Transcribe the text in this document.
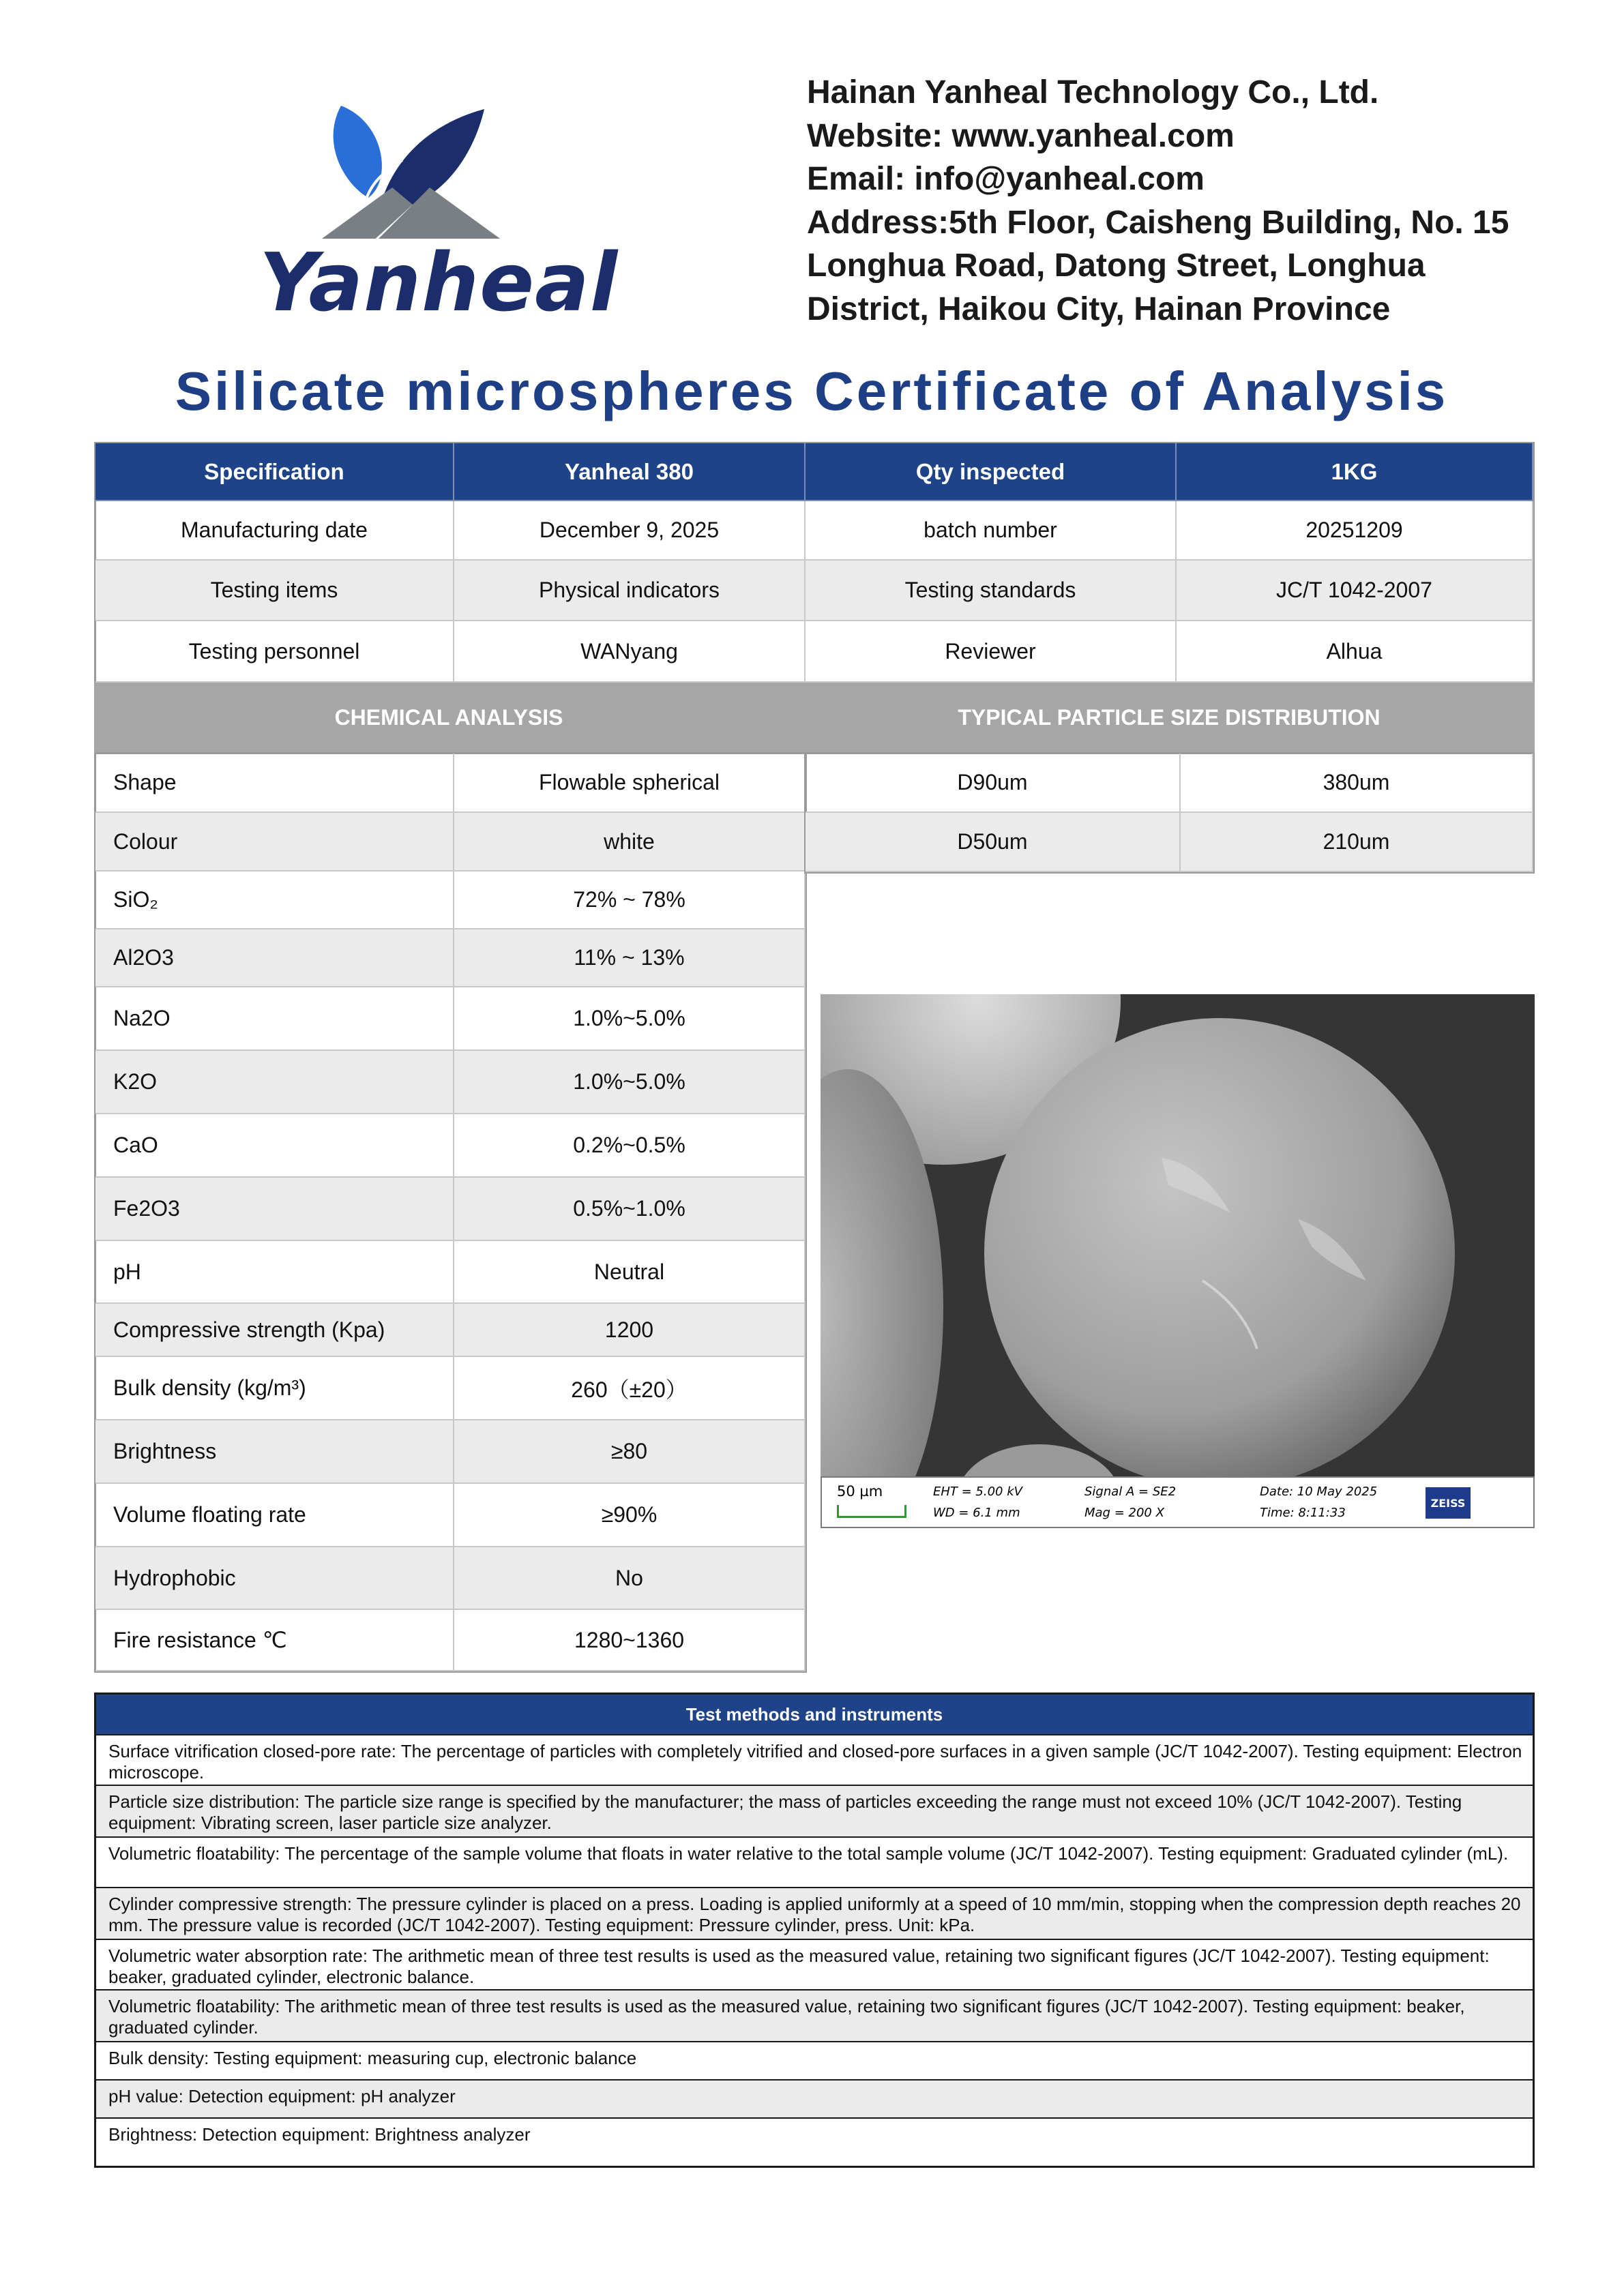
Yanheal
Hainan Yanheal Technology Co., Ltd.
Website: www.yanheal.com
Email: info@yanheal.com
Address:5th Floor, Caisheng Building, No. 15
Longhua Road, Datong Street, Longhua
District, Haikou City, Hainan Province
Silicate microspheres Certificate of Analysis
Specification	Yanheal 380	Qty inspected	1KG
Manufacturing date	December 9, 2025	batch number	20251209
Testing items	Physical indicators	Testing standards	JC/T 1042-2007
Testing personnel	WANyang	Reviewer	Alhua
CHEMICAL ANALYSIS	TYPICAL PARTICLE SIZE DISTRIBUTION
Shape	Flowable spherical
Colour	white
SiO₂	72% ~ 78%
Al2O3	11% ~ 13%
Na2O	1.0%~5.0%
K2O	1.0%~5.0%
CaO	0.2%~0.5%
Fe2O3	0.5%~1.0%
pH	Neutral
Compressive strength (Kpa)	1200
Bulk density (kg/m³)	260（±20）
Brightness	≥80
Volume floating rate	≥90%
Hydrophobic	No
Fire resistance ℃	1280~1360
D90um	380um
D50um	210um
50 µm	EHT = 5.00 kV
WD = 6.1 mm
Signal A = SE2
Mag = 200 X
Date: 10 May 2025
Time: 8:11:33
ZEISS
Test methods and instruments
Surface vitrification closed-pore rate: The percentage of particles with completely vitrified and closed-pore surfaces in a given sample (JC/T 1042-2007). Testing equipment: Electron microscope.
Particle size distribution: The particle size range is specified by the manufacturer; the mass of particles exceeding the range must not exceed 10% (JC/T 1042-2007). Testing equipment: Vibrating screen, laser particle size analyzer.
Volumetric floatability: The percentage of the sample volume that floats in water relative to the total sample volume (JC/T 1042-2007). Testing equipment: Graduated cylinder (mL).
Cylinder compressive strength: The pressure cylinder is placed on a press. Loading is applied uniformly at a speed of 10 mm/min, stopping when the compression depth reaches 20 mm. The pressure value is recorded (JC/T 1042-2007). Testing equipment: Pressure cylinder, press. Unit: kPa.
Volumetric water absorption rate: The arithmetic mean of three test results is used as the measured value, retaining two significant figures (JC/T 1042-2007). Testing equipment: beaker, graduated cylinder, electronic balance.
Volumetric floatability: The arithmetic mean of three test results is used as the measured value, retaining two significant figures (JC/T 1042-2007). Testing equipment: beaker, graduated cylinder.
Bulk density: Testing equipment: measuring cup, electronic balance
pH value: Detection equipment: pH analyzer
Brightness: Detection equipment: Brightness analyzer
